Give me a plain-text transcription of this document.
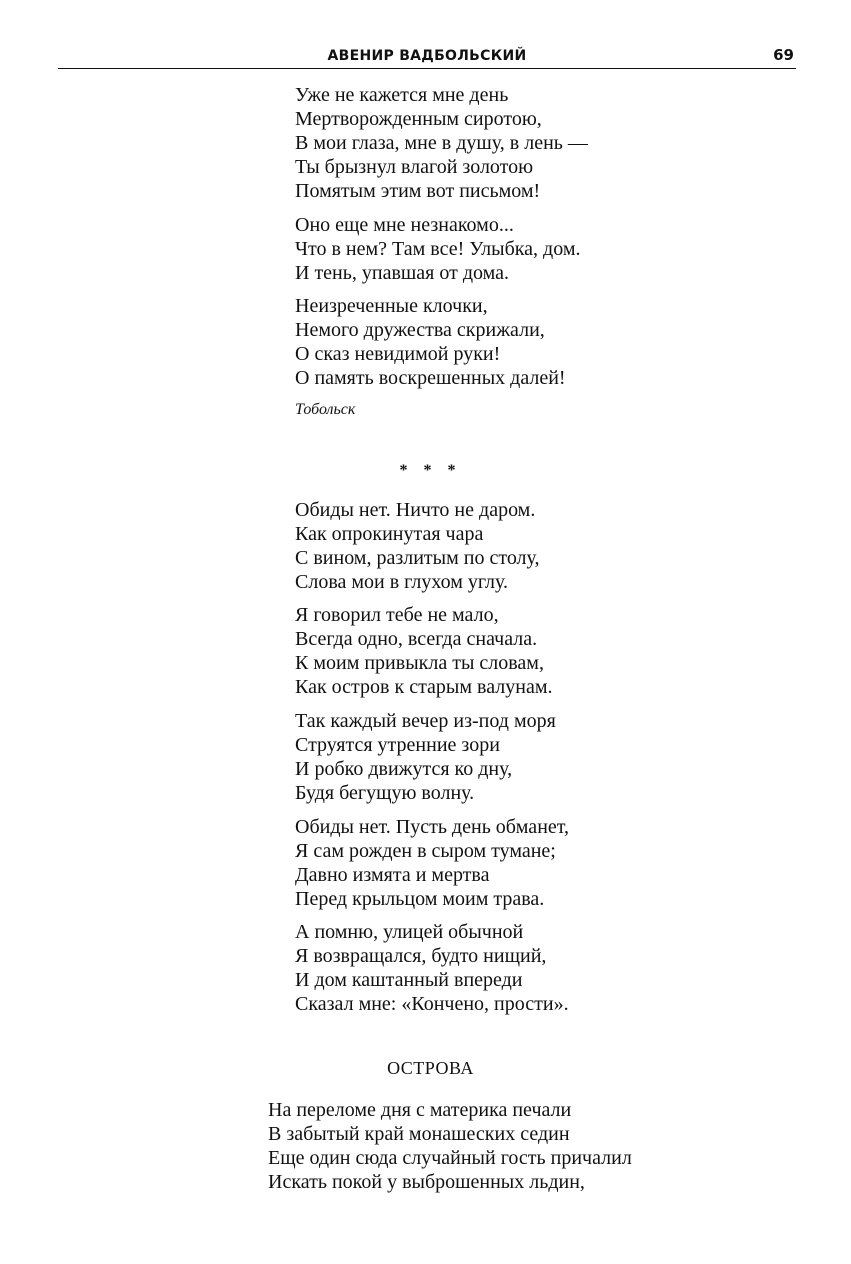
АВЕНИР ВАДБОЛЬСКИЙ	69
Уже не кажется мне день
Мертворожденным сиротою,
В мои глаза, мне в душу, в лень —
Ты брызнул влагой золотою
Помятым этим вот письмом!
Оно еще мне незнакомо...
Что в нем? Там все! Улыбка, дом.
И тень, упавшая от дома.
Неизреченные клочки,
Немого дружества скрижали,
О сказ невидимой руки!
О память воскрешенных далей!
Тобольск
* * *
Обиды нет. Ничто не даром.
Как опрокинутая чара
С вином, разлитым по столу,
Слова мои в глухом углу.
Я говорил тебе не мало,
Всегда одно, всегда сначала.
К моим привыкла ты словам,
Как остров к старым валунам.
Так каждый вечер из-под моря
Струятся утренние зори
И робко движутся ко дну,
Будя бегущую волну.
Обиды нет. Пусть день обманет,
Я сам рожден в сыром тумане;
Давно измята и мертва
Перед крыльцом моим трава.
А помню, улицей обычной
Я возвращался, будто нищий,
И дом каштанный впереди
Сказал мне: «Кончено, прости».
ОСТРОВА
На переломе дня с материка печали
В забытый край монашеских седин
Еще один сюда случайный гость причалил
Искать покой у выброшенных льдин,
